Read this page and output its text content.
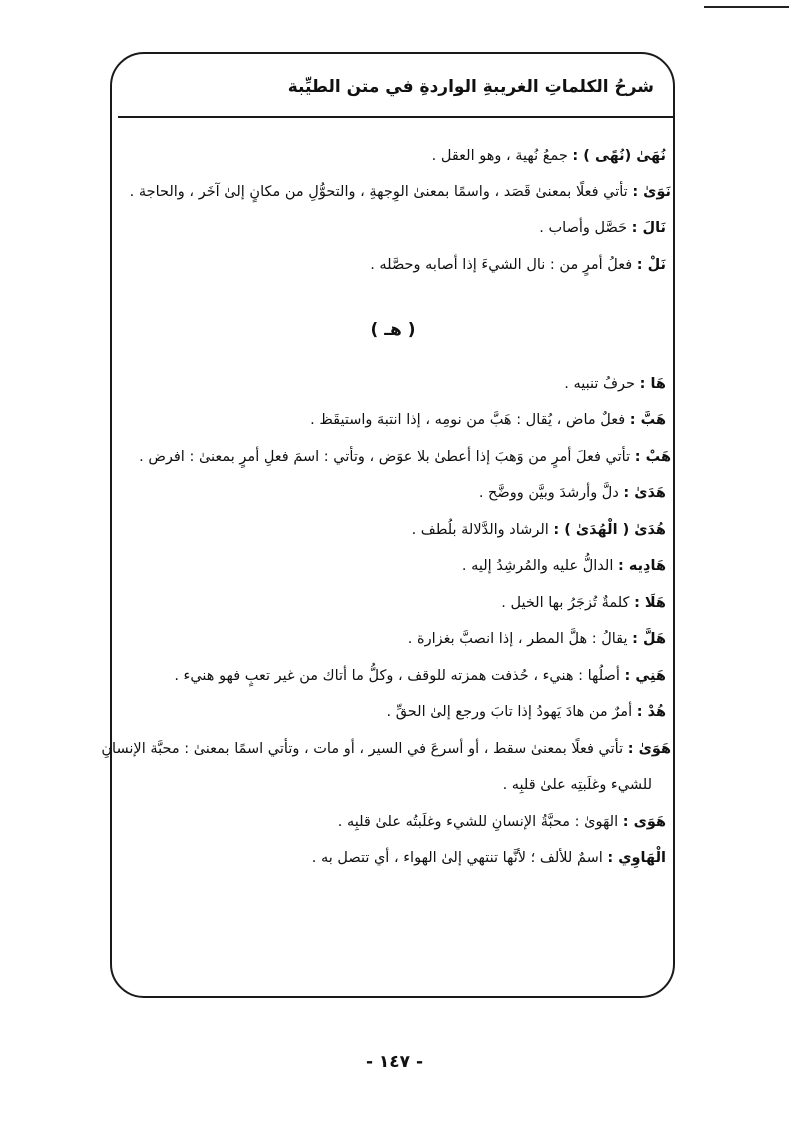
شرحُ الكلماتِ الغريبةِ الواردةِ في متن الطيِّبة
نُهَىٰ (نُهًى ) : جمعُ نُهية ، وهو العقل .
نَوَىٰ : تأتي فعلًا بمعنىٰ قَصَد ، واسمًا بمعنىٰ الوِجهةِ ، والتحوُّلِ من مكانٍ إلىٰ آخَر ، والحاجة .
نَالَ : حَصَّل وأصاب .
نَلْ : فعلُ أمرٍ من : نال الشيءَ إذا أصابه وحصَّله .
( هـ )
هَا : حرفُ تنبيه .
هَبَّ : فعلٌ ماض ، يُقال : هَبَّ من نومِه ، إذا انتبهَ واستيقَظ .
هَبْ : تأتي فعلَ أمرٍ من وَهبَ إذا أعطىٰ بلا عوَض ، وتأتي : اسمَ فعلِ أمرٍ بمعنىٰ : افرض .
هَدَىٰ : دلَّ وأرشدَ وبيَّن ووضَّح .
هُدَىٰ ( الْهُدَىٰ ) : الرشاد والدَّلالة بلُطف .
هَادِيه : الدالُّ عليه والمُرشِدُ إليه .
هَلَا : كلمةٌ تُزجَرُ بها الخيل .
هَلَّ : يقالُ : هلَّ المطر ، إذا انصبَّ بغزارة .
هَنِي : أصلُها : هنيء ، حُذفت همزته للوقف ، وكلُّ ما أتاك من غير تعبٍ فهو هنيء .
هُدْ : أمرٌ من هادَ يَهودُ إذا تابَ ورجع إلىٰ الحقِّ .
هَوَىٰ : تأتي فعلًا بمعنىٰ سقط ، أو أسرعَ في السير ، أو مات ، وتأتي اسمًا بمعنىٰ : محبَّة الإنسانِ
للشيء وغلَبتِه علىٰ قلبِه .
هَوَى : الهَوىٰ : محبَّةُ الإنسانِ للشيء وغلَبتُه علىٰ قلبِه .
الْهَاوِي : اسمٌ للألف ؛ لأنَّها تنتهي إلىٰ الهواء ، أي تتصل به .
- ١٤٧ -
